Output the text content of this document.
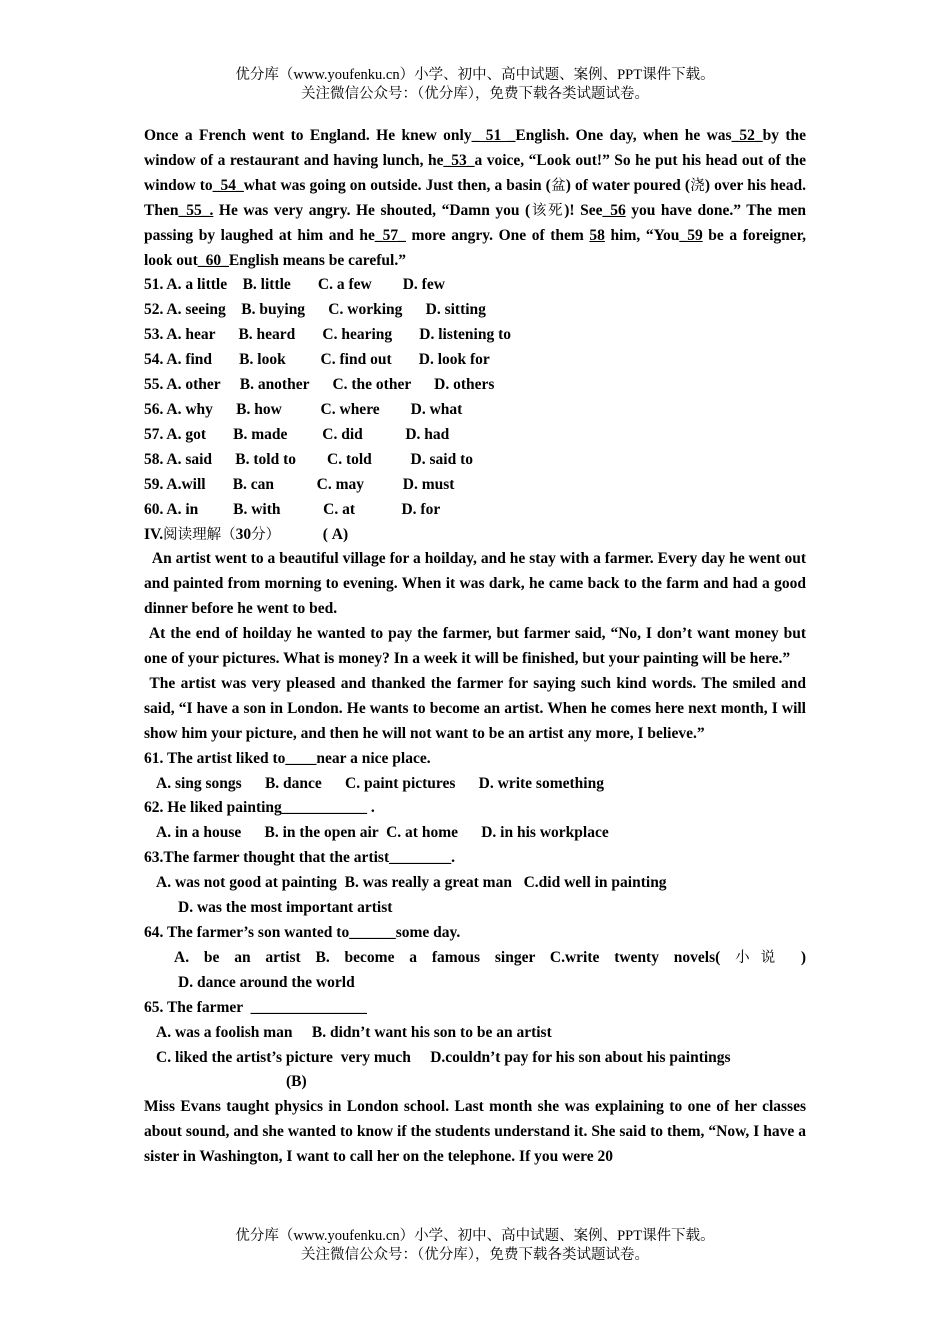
优分库（www.youfenku.cn）小学、初中、高中试题、案例、PPT课件下载。
关注微信公众号：（优分库），免费下载各类试题试卷。
Once a French went to England. He knew only_ 51 _English. One day, when he was_52_by the window of a restaurant and having lunch, he_53_a voice, “Look out!” So he put his head out of the window to_54_what was going on outside. Just then, a basin (盆) of water poured (浇) over his head. Then_55_. He was very angry. He shouted, “Damn you (该死)! See_56 you have done.” The men passing by laughed at him and he_57_ more angry. One of them 58 him, “You_59 be a foreigner, look out_60_English means be careful.”
51. A. a little    B. little       C. a few        D. few
52. A. seeing    B. buying      C. working      D. sitting
53. A. hear      B. heard       C. hearing       D. listening to
54. A. find       B. look         C. find out       D. look for
55. A. other     B. another      C. the other      D. others
56. A. why      B. how          C. where        D. what
57. A. got       B. made         C. did           D. had
58. A. said      B. told to        C. told          D. said to
59. A.will       B. can           C. may          D. must
60. A. in         B. with           C. at            D. for
IV.阅读理解（30分）	( A)
An artist went to a beautiful village for a hoilday, and he stay with a farmer. Every day he went out and painted from morning to evening. When it was dark, he came back to the farm and had a good dinner before he went to bed.
At the end of hoilday he wanted to pay the farmer, but farmer said, “No, I don’t want money but one of your pictures. What is money? In a week it will be finished, but your painting will be here.”
The artist was very pleased and thanked the farmer for saying such kind words. The smiled and said, “I have a son in London. He wants to become an artist. When he comes here next month, I will show him your picture, and then he will not want to be an artist any more, I believe.”
61. The artist liked to____near a nice place.
A. sing songs      B. dance      C. paint pictures      D. write something
62. He liked painting___________ .
A. in a house      B. in the open air  C. at home      D. in his workplace
63.The farmer thought that the artist________.
A. was not good at painting  B. was really a great man   C.did well in painting
D. was the most important artist
64. The farmer’s son wanted to______some day.
A. be an artist B. become a famous singer C.write twenty novels( 小说 )
D. dance around the world
65. The farmer  _______________
A. was a foolish man     B. didn’t want his son to be an artist
C. liked the artist’s picture  very much     D.couldn’t pay for his son about his paintings
(B)
Miss Evans taught physics in London school. Last month she was explaining to one of her classes about sound, and she wanted to know if the students understand it. She said to them, “Now, I have a sister in Washington, I want to call her on the telephone. If you were 20
优分库（www.youfenku.cn）小学、初中、高中试题、案例、PPT课件下载。
关注微信公众号：（优分库），免费下载各类试题试卷。
